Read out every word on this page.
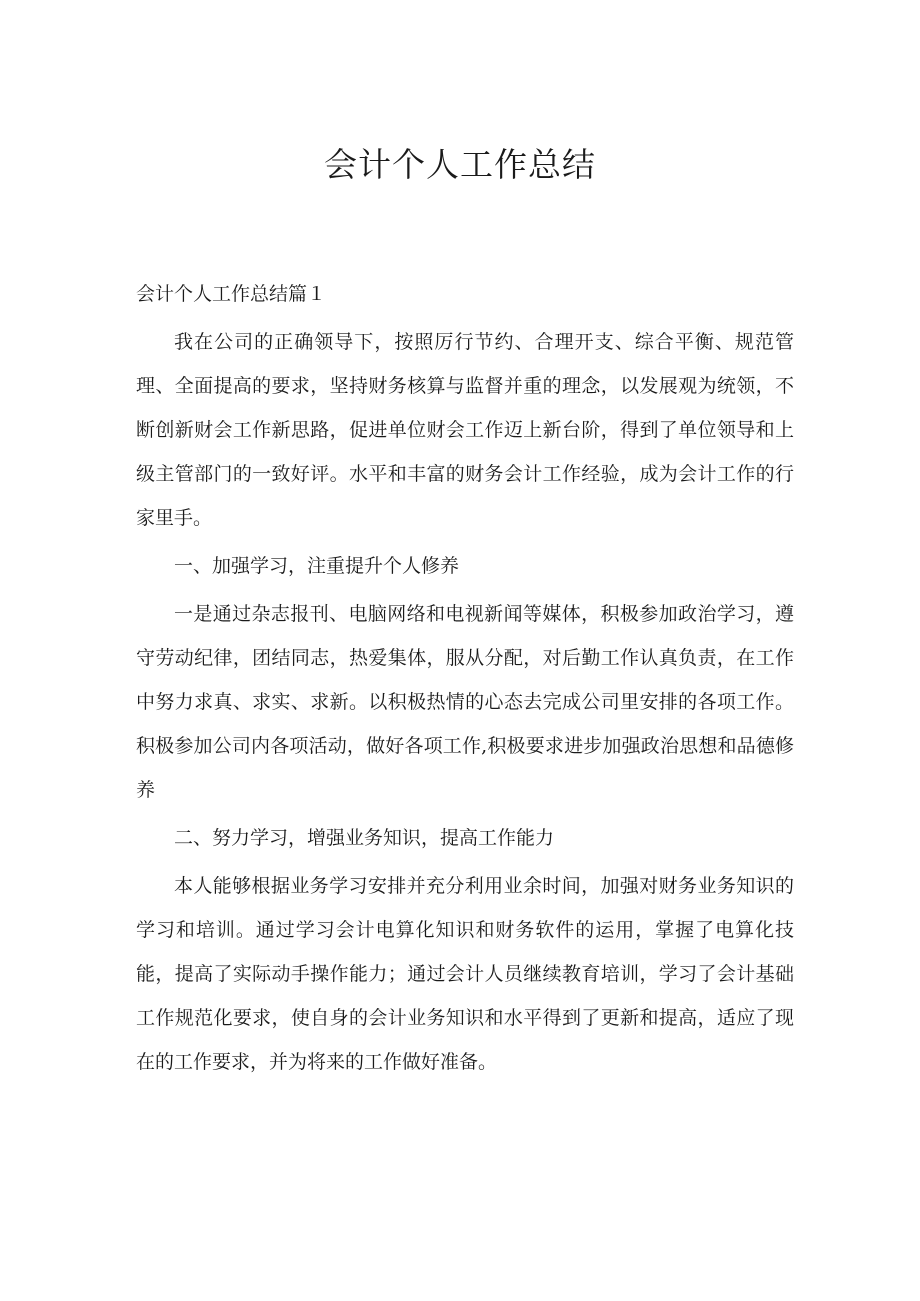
会计个人工作总结

会计个人工作总结篇１

我在公司的正确领导下，按照厉行节约、合理开支、综合平衡、规范管理、全面提高的要求，坚持财务核算与监督并重的理念，以发展观为统领，不断创新财会工作新思路，促进单位财会工作迈上新台阶，得到了单位领导和上级主管部门的一致好评。水平和丰富的财务会计工作经验，成为会计工作的行家里手。

一、加强学习，注重提升个人修养

一是通过杂志报刊、电脑网络和电视新闻等媒体，积极参加政治学习，遵守劳动纪律，团结同志，热爱集体，服从分配，对后勤工作认真负责，在工作中努力求真、求实、求新。以积极热情的心态去完成公司里安排的各项工作。积极参加公司内各项活动，做好各项工作,积极要求进步加强政治思想和品德修养

二、努力学习，增强业务知识，提高工作能力

本人能够根据业务学习安排并充分利用业余时间，加强对财务业务知识的学习和培训。通过学习会计电算化知识和财务软件的运用，掌握了电算化技能，提高了实际动手操作能力；通过会计人员继续教育培训，学习了会计基础工作规范化要求，使自身的会计业务知识和水平得到了更新和提高，适应了现在的工作要求，并为将来的工作做好准备。
